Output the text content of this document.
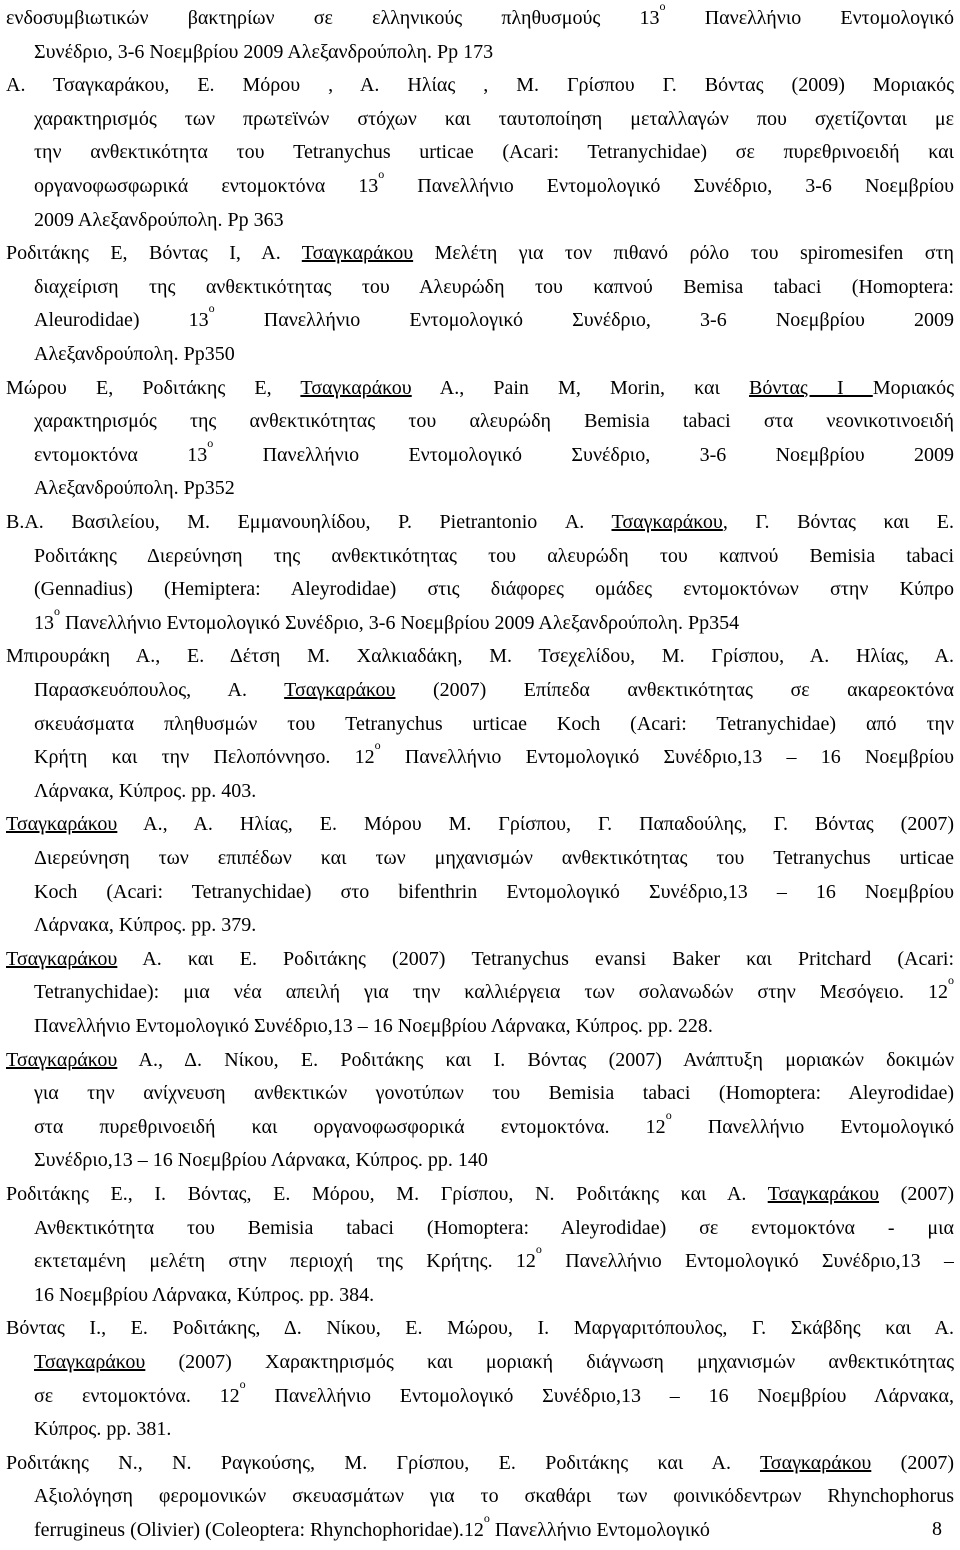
ενδοσυμβιωτικών βακτηρίων σε ελληνικούς πληθυσμούς $13^o$ Πανελλήνιο Εντομολογικό
Συνέδριο, 3-6 Νοεμβρίου 2009 Αλεξανδρούπολη. Pp 173
Α. Τσαγκαράκου, Ε. Μόρου , Α. Ηλίας , Μ. Γρίσπου Γ. Βόντας (2009) Μοριακός
χαρακτηρισμός των πρωτεϊνών στόχων και ταυτοποίηση μεταλλαγών που σχετίζονται με
την ανθεκτικότητα του Tetranychus urticae (Acari: Tetranychidae) σε πυρεθρινοειδή και
οργανοφωσφωρικά εντομοκτόνα $13^o$ Πανελλήνιο Εντομολογικό Συνέδριο, 3-6 Νοεμβρίου
2009 Αλεξανδρούπολη. Pp 363
Ροδιτάκης Ε, Βόντας Ι, Α. Τσαγκαράκου Μελέτη για τον πιθανό ρόλο του spiromesifen στη
διαχείριση της ανθεκτικότητας του Αλευρώδη του καπνού Bemisa tabaci (Homoptera:
Aleurodidae) $13^o$ Πανελλήνιο Εντομολογικό Συνέδριο, 3-6 Νοεμβρίου 2009
Αλεξανδρούπολη. Pp350
Μώρου Ε, Ροδιτάκης Ε, Τσαγκαράκου Α., Pain M, Morin, και Βόντας Ι Μοριακός
χαρακτηρισμός της ανθεκτικότητας του αλευρώδη Bemisia tabaci στα νεονικοτινοειδή
εντομοκτόνα $13^o$ Πανελλήνιο Εντομολογικό Συνέδριο, 3-6 Νοεμβρίου 2009
Αλεξανδρούπολη. Pp352
Β.Α. Βασιλείου, Μ. Εμμανουηλίδου, P. Pietrantonio Α. Τσαγκαράκου, Γ. Βόντας και Ε.
Ροδιτάκης Διερεύνηση της ανθεκτικότητας του αλευρώδη του καπνού Bemisia tabaci
(Gennadius) (Hemiptera: Aleyrodidae) στις διάφορες ομάδες εντομοκτόνων στην Κύπρο
$13^o$ Πανελλήνιο Εντομολογικό Συνέδριο, 3-6 Νοεμβρίου 2009 Αλεξανδρούπολη. Pp354
Μπιρουράκη Α., Ε. Δέτση Μ. Χαλκιαδάκη, Μ. Τσεχελίδου, Μ. Γρίσπου, Α. Ηλίας, Α.
Παρασκευόπουλος, Α. Τσαγκαράκου (2007) Επίπεδα ανθεκτικότητας σε ακαρεοκτόνα
σκευάσματα πληθυσμών του Tetranychus urticae Koch (Acari: Tetranychidae) από την
Κρήτη και την Πελοπόννησο. $12^o$ Πανελλήνιο Εντομολογικό Συνέδριο,13 – 16 Νοεμβρίου
Λάρνακα, Κύπρος. pp. 403.
Τσαγκαράκου Α., Α. Ηλίας, Ε. Μόρου Μ. Γρίσπου, Γ. Παπαδούλης, Γ. Βόντας (2007)
Διερεύνηση των επιπέδων και των μηχανισμών ανθεκτικότητας του Tetranychus urticae
Koch (Acari: Tetranychidae) στο bifenthrin Εντομολογικό Συνέδριο,13 – 16 Νοεμβρίου
Λάρνακα, Κύπρος. pp. 379.
Τσαγκαράκου Α. και Ε. Ροδιτάκης (2007) Tetranychus evansi Baker και Pritchard (Acari:
Tetranychidae): μια νέα απειλή για την καλλιέργεια των σολανωδών στην Μεσόγειο. $12^o$
Πανελλήνιο Εντομολογικό Συνέδριο,13 – 16 Νοεμβρίου Λάρνακα, Κύπρος. pp. 228.
Τσαγκαράκου Α., Δ. Νίκου, Ε. Ροδιτάκης και Ι. Βόντας (2007) Ανάπτυξη μοριακών δοκιμών
για την ανίχνευση ανθεκτικών γονοτύπων του Bemisia tabaci (Homoptera: Aleyrodidae)
στα πυρεθρινοειδή και οργανοφωσφορικά εντομοκτόνα. $12^o$ Πανελλήνιο Εντομολογικό
Συνέδριο,13 – 16 Νοεμβρίου Λάρνακα, Κύπρος. pp. 140
Ροδιτάκης Ε., Ι. Βόντας, Ε. Μόρου, Μ. Γρίσπου, Ν. Ροδιτάκης και Α. Τσαγκαράκου (2007)
Ανθεκτικότητα του Bemisia tabaci (Homoptera: Aleyrodidae) σε εντομοκτόνα - μια
εκτεταμένη μελέτη στην περιοχή της Κρήτης. $12^o$ Πανελλήνιο Εντομολογικό Συνέδριο,13 –
16 Νοεμβρίου Λάρνακα, Κύπρος. pp. 384.
Βόντας Ι., Ε. Ροδιτάκης, Δ. Νίκου, Ε. Μώρου, Ι. Μαργαριτόπουλος, Γ. Σκάβδης και Α.
Τσαγκαράκου (2007) Χαρακτηρισμός και μοριακή διάγνωση μηχανισμών ανθεκτικότητας
σε εντομοκτόνα. $12^o$ Πανελλήνιο Εντομολογικό Συνέδριο,13 – 16 Νοεμβρίου Λάρνακα,
Κύπρος. pp. 381.
Ροδιτάκης Ν., Ν. Ραγκούσης, Μ. Γρίσπου, Ε. Ροδιτάκης και Α. Τσαγκαράκου (2007)
Αξιολόγηση φερομονικών σκευασμάτων για το σκαθάρι των φοινικόδεντρων Rhynchophorus
ferrugineus (Olivier) (Coleoptera: $Rhynchophoridae).12^o$ Πανελλήνιο Εντομολογικό	8
